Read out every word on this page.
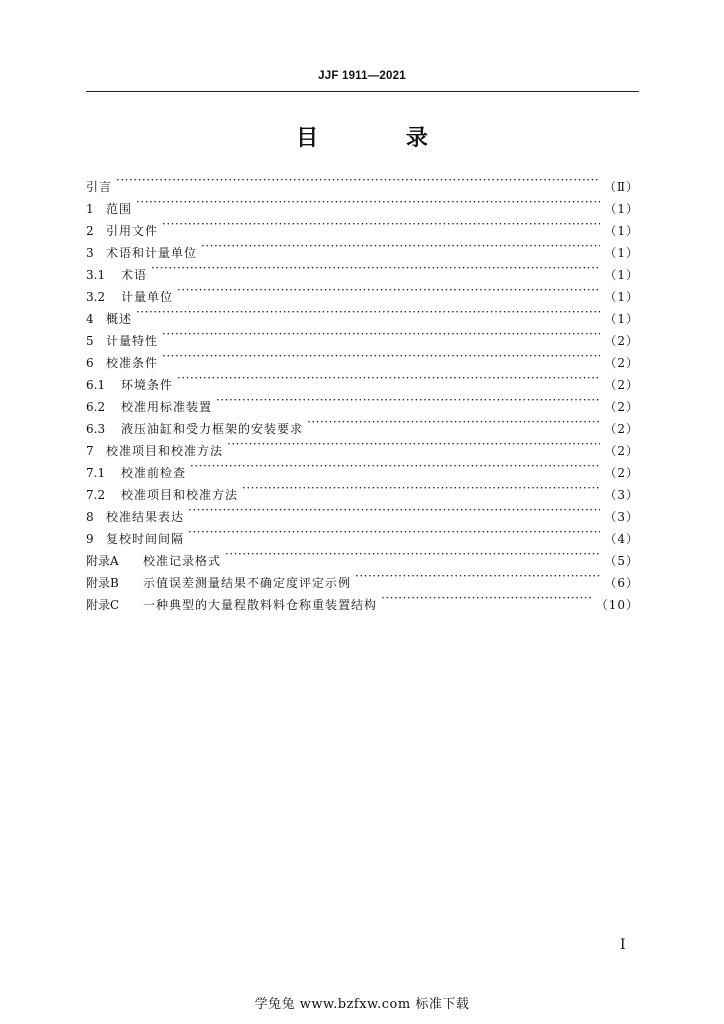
JJF 1911—2021
目 录
引言 ·····	（Ⅱ）
1	范围 ·····	（1）
2	引用文件 ·····	（1）
3	术语和计量单位 ·····	（1）
3.1	术语 ·····	（1）
3.2	计量单位 ·····	（1）
4	概述 ·····	（1）
5	计量特性 ·····	（2）
6	校准条件 ·····	（2）
6.1	环境条件 ·····	（2）
6.2	校准用标准装置 ·····	（2）
6.3	液压油缸和受力框架的安装要求 ·····	（2）
7	校准项目和校准方法 ·····	（2）
7.1	校准前检查 ·····	（2）
7.2	校准项目和校准方法 ·····	（3）
8	校准结果表达 ·····	（3）
9	复校时间间隔 ·····	（4）
附录A	校准记录格式 ·····	（5）
附录B	示值误差测量结果不确定度评定示例 ·····	（6）
附录C	一种典型的大量程散料料仓称重装置结构 ·····	（10）
I
学兔兔 www.bzfxw.com 标准下载
